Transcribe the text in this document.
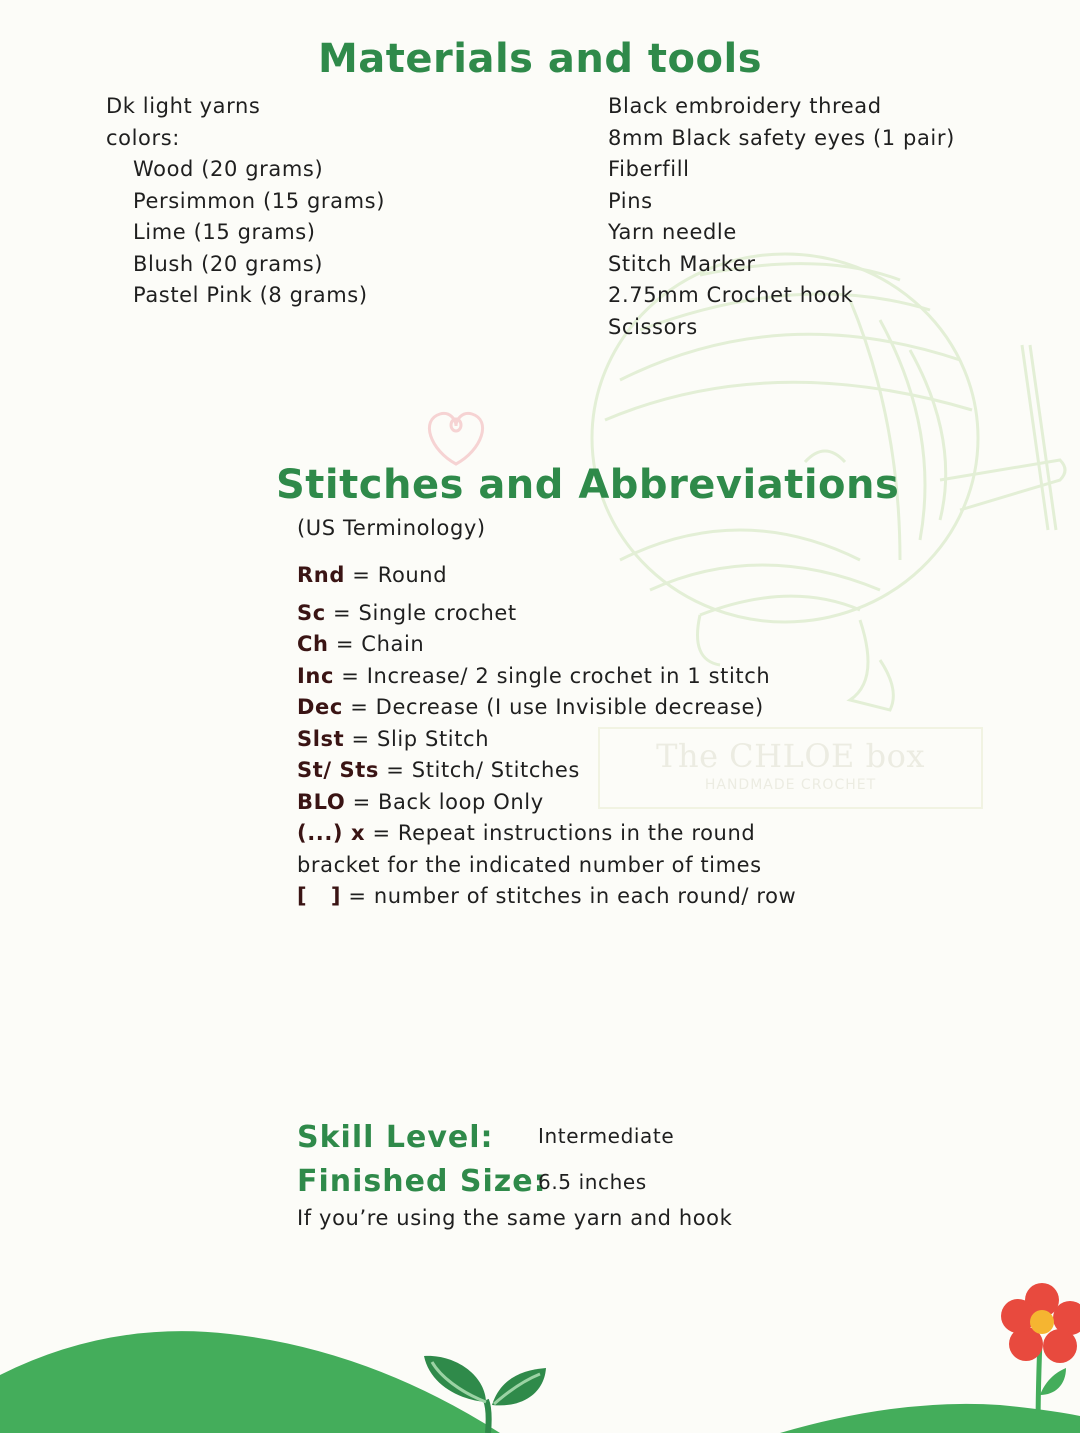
The CHLOE box
HANDMADE CROCHET
Materials and tools
Dk light yarns
colors:
Wood (20 grams)
Persimmon (15 grams)
Lime (15 grams)
Blush (20 grams)
Pastel Pink (8 grams)
Black embroidery thread
8mm Black safety eyes (1 pair)
Fiberfill
Pins
Yarn needle
Stitch Marker
2.75mm Crochet hook
Scissors
Stitches and Abbreviations
(US Terminology)
Rnd = Round
Sc = Single crochet
Ch = Chain
Inc = Increase/ 2 single crochet in 1 stitch
Dec = Decrease (I use Invisible decrease)
Slst = Slip Stitch
St/ Sts = Stitch/ Stitches
BLO = Back loop Only
(...) x = Repeat instructions in the round
bracket for the indicated number of times
[   ] = number of stitches in each round/ row
Skill Level: Intermediate
Finished Size:
6.5 inches
If you’re using the same yarn and hook
